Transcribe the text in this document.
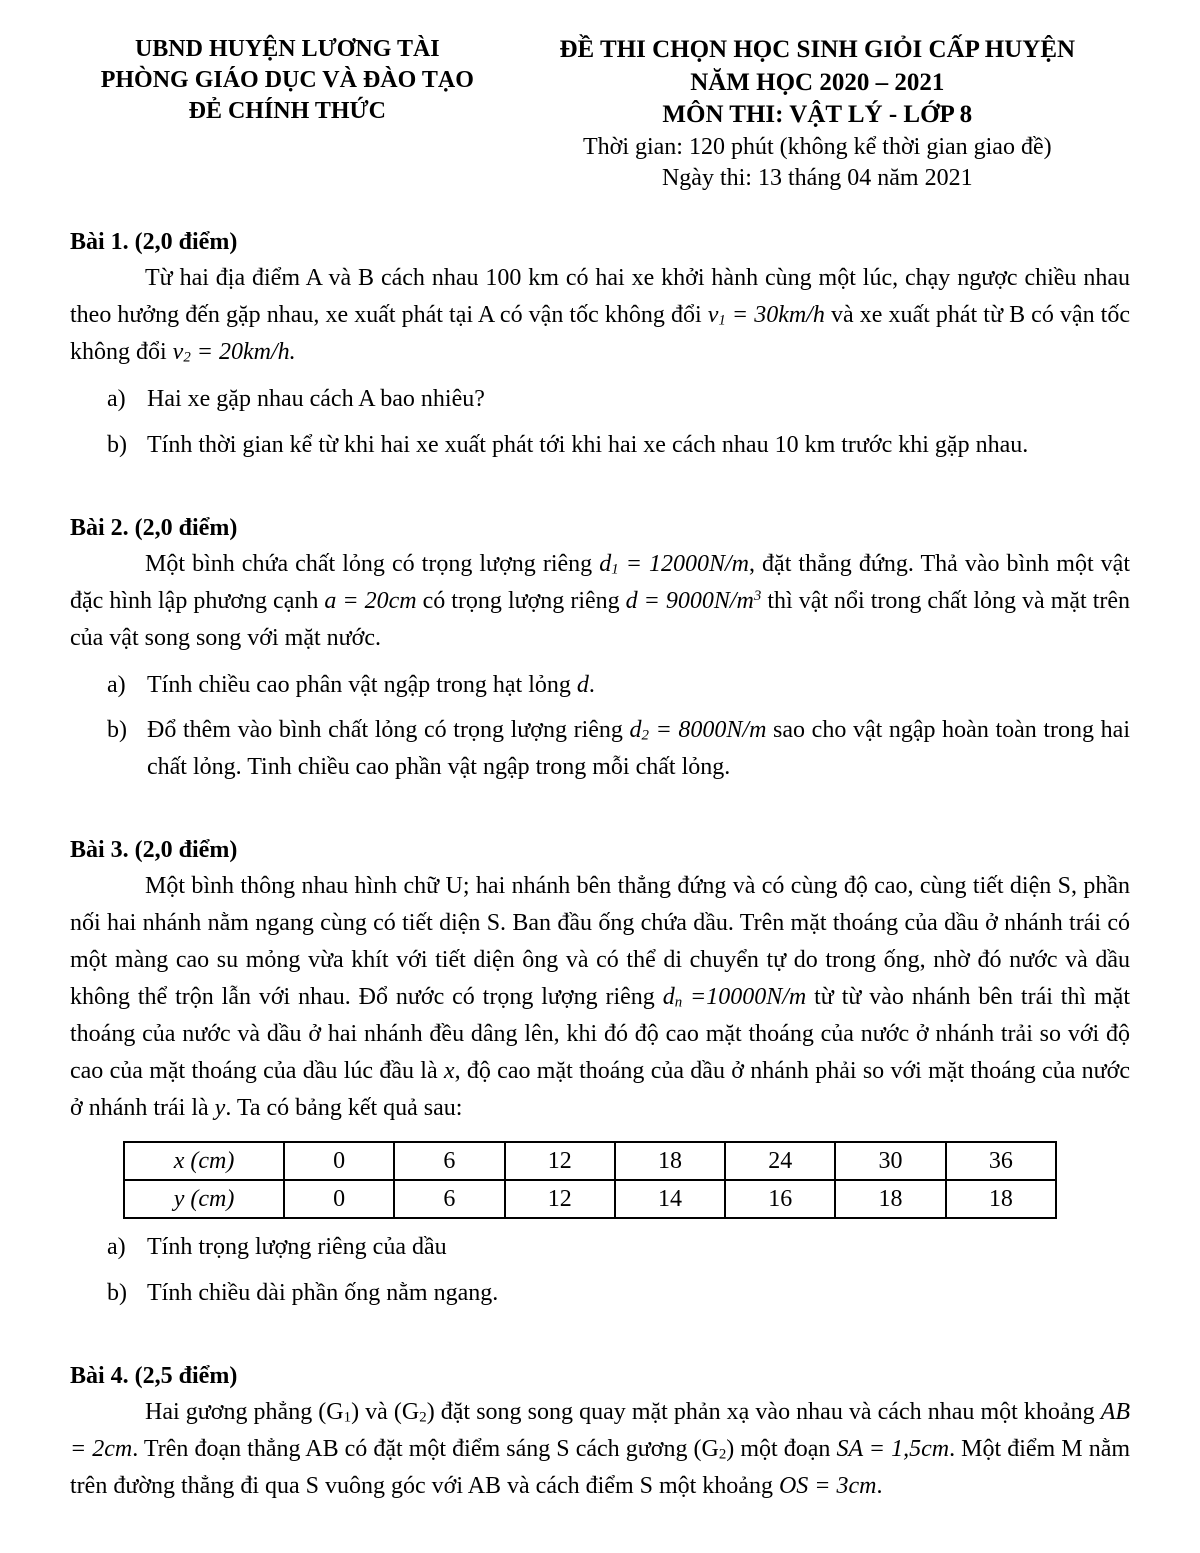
UBND HUYỆN LƯƠNG TÀI
PHÒNG GIÁO DỤC VÀ ĐÀO TẠO
ĐẺ CHÍNH THỨC
ĐỀ THI CHỌN HỌC SINH GIỎI CẤP HUYỆN
NĂM HỌC 2020 – 2021
MÔN THI: VẬT LÝ - LỚP 8
Thời gian: 120 phút (không kể thời gian giao đề)
Ngày thi: 13 tháng 04 năm 2021

Bài 1. (2,0 điểm)

Từ hai địa điểm A và B cách nhau 100 km có hai xe khởi hành cùng một lúc, chạy ngược chiều nhau theo hưởng đến gặp nhau, xe xuất phát tại A có vận tốc không đổi $v_1 = 30km/h$ và xe xuất phát từ B có vận tốc không đổi $v_2 = 20km/h$.

a) Hai xe gặp nhau cách A bao nhiêu?
b) Tính thời gian kể từ khi hai xe xuất phát tới khi hai xe cách nhau 10 km trước khi gặp nhau.

Bài 2. (2,0 điểm)

Một bình chứa chất lỏng có trọng lượng riêng $d_1 = 12000N/m$, đặt thẳng đứng. Thả vào bình một vật đặc hình lập phương cạnh a = 20cm có trọng lượng riêng $d = 9000N/m^3$ thì vật nổi trong chất lỏng và mặt trên của vật song song với mặt nước.

a) Tính chiều cao phân vật ngập trong hạt lỏng d.
b) Đổ thêm vào bình chất lỏng có trọng lượng riêng $d_2 = 8000N/m$ sao cho vật ngập hoàn toàn trong hai chất lỏng. Tinh chiều cao phần vật ngập trong mỗi chất lỏng.

Bài 3. (2,0 điểm)

Một bình thông nhau hình chữ U; hai nhánh bên thẳng đứng và có cùng độ cao, cùng tiết diện S, phần nối hai nhánh nằm ngang cùng có tiết diện S. Ban đầu ống chứa dầu. Trên mặt thoáng của dầu ở nhánh trái có một màng cao su mỏng vừa khít với tiết diện ông và có thể di chuyển tự do trong ống, nhờ đó nước và dầu không thể trộn lẫn với nhau. Đổ nước có trọng lượng riêng $d_n =10000N/m$ từ từ vào nhánh bên trái thì mặt thoáng của nước và dầu ở hai nhánh đều dâng lên, khi đó độ cao mặt thoáng của nước ở nhánh trải so với độ cao của mặt thoáng của dầu lúc đầu là x, độ cao mặt thoáng của dầu ở nhánh phải so với mặt thoáng của nước ở nhánh trái là y. Ta có bảng kết quả sau:

x (cm)	0	6	12	18	24	30	36
y (cm)	0	6	12	14	16	18	18
a) Tính trọng lượng riêng của dầu
b) Tính chiều dài phần ống nằm ngang.

Bài 4. (2,5 điểm)

Hai gương phẳng $(G_1)$ và $(G_2)$ đặt song song quay mặt phản xạ vào nhau và cách nhau một khoảng AB = 2cm. Trên đoạn thẳng AB có đặt một điểm sáng S cách gương $(G_2)$ một đoạn SA = 1,5cm. Một điểm M nằm trên đường thẳng đi qua S vuông góc với AB và cách điểm S một khoảng OS = 3cm.
